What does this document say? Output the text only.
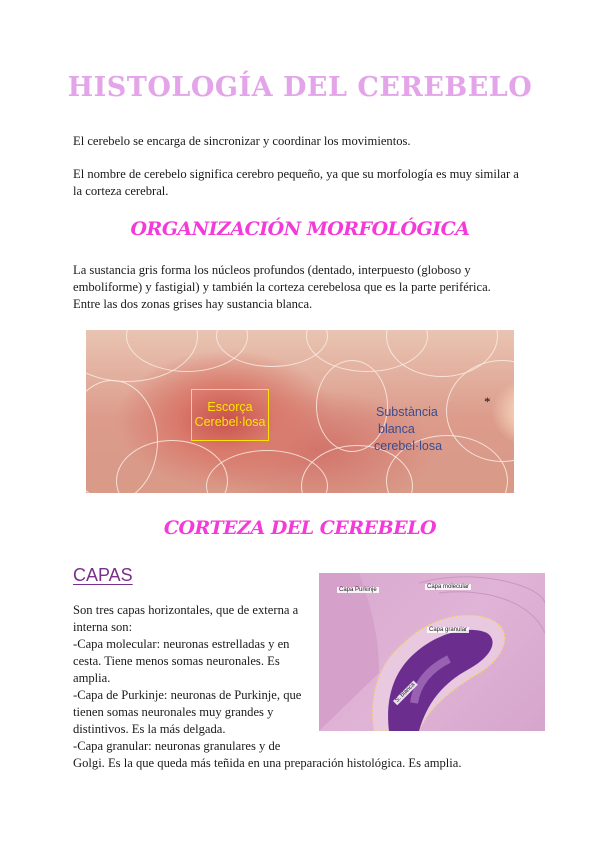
HISTOLOGÍA DEL CEREBELO
El cerebelo se encarga de sincronizar y coordinar los movimientos.
El nombre de cerebelo significa cerebro pequeño, ya que su morfología es muy similar a
la corteza cerebral.
ORGANIZACIÓN MORFOLÓGICA
La sustancia gris forma los núcleos profundos (dentado, interpuesto (globoso y
emboliforme) y fastigial) y también la corteza cerebelosa que es la parte periférica.
Entre las dos zonas grises hay sustancia blanca.
Escorça
Cerebel·losa
Substància
blanca
cerebel·losa
*
CORTEZA DEL CEREBELO
CAPAS
Son tres capas horizontales, que de externa a
interna son:
-Capa molecular: neuronas estrelladas y en
cesta. Tiene menos somas neuronales. Es
amplia.
-Capa de Purkinje: neuronas de Purkinje, que
tienen somas neuronales muy grandes y
distintivos. Es la más delgada.
-Capa granular: neuronas granulares y de
Golgi. Es la que queda más teñida en una preparación histológica. Es amplia.
Capa Purkinje	Capa molecular
Capa granular
S. blanca
